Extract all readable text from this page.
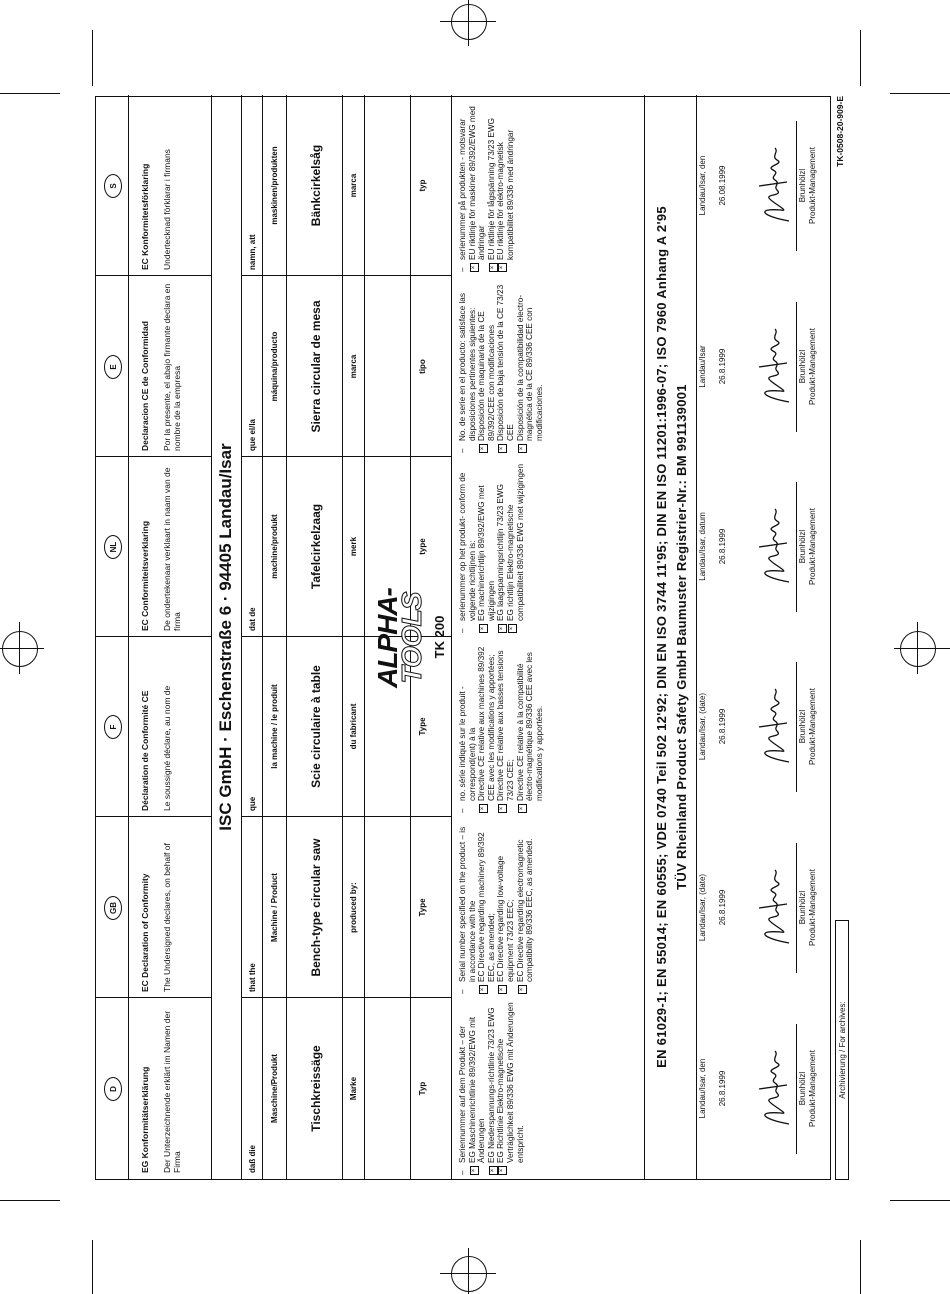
ISC GmbH · Eschenstraße 6 · 94405 Landau/Isar	TK 200
ALPHA-
TOOLS	EN 61029-1; EN 55014; EN 60555; VDE 0740 Teil 502 12'92; DIN EN ISO 3744 11'95; DIN EN ISO 11201:1996-07; ISO 7960 Anhang A 2'95 TÜV Rheinland Product Safety GmbH Baumuster Registrier-Nr.: BM 991139001
D	EG Konformitätserklärung Der Unterzeichnende erklärt im Namen der Firma	daß die
Maschine/Produkt	Tischkreissäge	Marke	Typ
–
Seriennummer auf dem Produkt – der
×
EG Maschinenrichtlinie 89/392/EWG mit Änderungen
×
EG Niederspannungs-richtlinie 73/23 EWG
×
EG Richtlinie Elektro-magnetische Verträglichkeit 89/336 EWG mit Änderungen entspricht.
Landau/Isar, den 26.8.1999	Brunhölzl Produkt-Management
GB	EC Declaration of Conformity The Undersigned declares, on behalf of	that the
Machine / Product	Bench-type circular saw	produced by:	Type
–
Serial number specified on the product – is in accordance with the
×
EC Directive regarding machinery 89/392 EEC, as amended;
×
EC Directive regarding low-voltage equipment 73/23 EEC;
×
EC Directive regarding electromagnetic compatibility 89/336 EEC, as amended.	Landau/Isar, (date) 26.8.1999	Brunhölzl Produkt-Management
F	Déclaration de Conformité CE Le soussigné déclare, au nom de	que
la machine / le produit	Scie circulaire à table	du fabricant	Type
–
no. série indiqué sur le produit - correspond(ent) à la
×
Directive CE relative aux machines 89/392 CEE avec les modifications y apportées;
×
Directive CE relative aux basses tensions 73/23 CEE;
×
Directive CE relative à la compatibilité électro-magnétique 89/336 CEE avec les modifications y apportées.	Landau/Isar, (date) 26.8.1999	Brunhölzl Produkt-Management
NL	EC Conformiteitsverklaring De ondertekenaar verklaart in naam van de firma	dat de
machine/produkt	Tafelcirkelzaag	merk	type
–
serienummer op het produkt- conform de volgende richtlijnen is:
×
EG machinerichtlijn 89/392/EWG met wijzigingen
×
EG laagspanningsrichtlijn 73/23 EWG
×
EG richtlijn Elektro-magnetische compatibiliteit 89/336 EWG met wijzigingen	Landau/Isar, datum 26.8.1999	Brunhölzl Produkt-Management
E	Declaracion CE de Conformidad Por la presente, el abajo firmante declara en nombre de la empresa	que el/la
máquina/producto	Sierra circular de mesa	marca	tipo
–
No. de serie en el producto: satisface las disposiciones pertinentes siguientes:
×
Disposición de maquinaria de la CE 89/392/CEE con modificaciones
×
Disposición de baja tensión de la CE 73/23 CEE
×
Disposición de la compatibilidad electro-magnética de la CE 89/336 CEE con modificaciones.
Landau/Isar 26.8.1999	Brunhölzl Produkt-Management
S	EC Konformitetsförklaring Undertecknad förklarar i firmans	namn, att
maskinen/produkten	Bänkcirkelsåg	marca	typ
–
serienummer på produkten - motsvarar
×
EU riktlinje för maskiner 89/392/EWG med ändringar
×
EU riktlinje för lågspänning 73/23 EWG
×
EU riktlinje för elektro-magnetisk kompatibilitet 89/336 med ändringar	Landau/Isar, den 26.08.1999	Brunhölzl Produkt-Management
Archivierung / For archives:
TK-0508-20-909-E
